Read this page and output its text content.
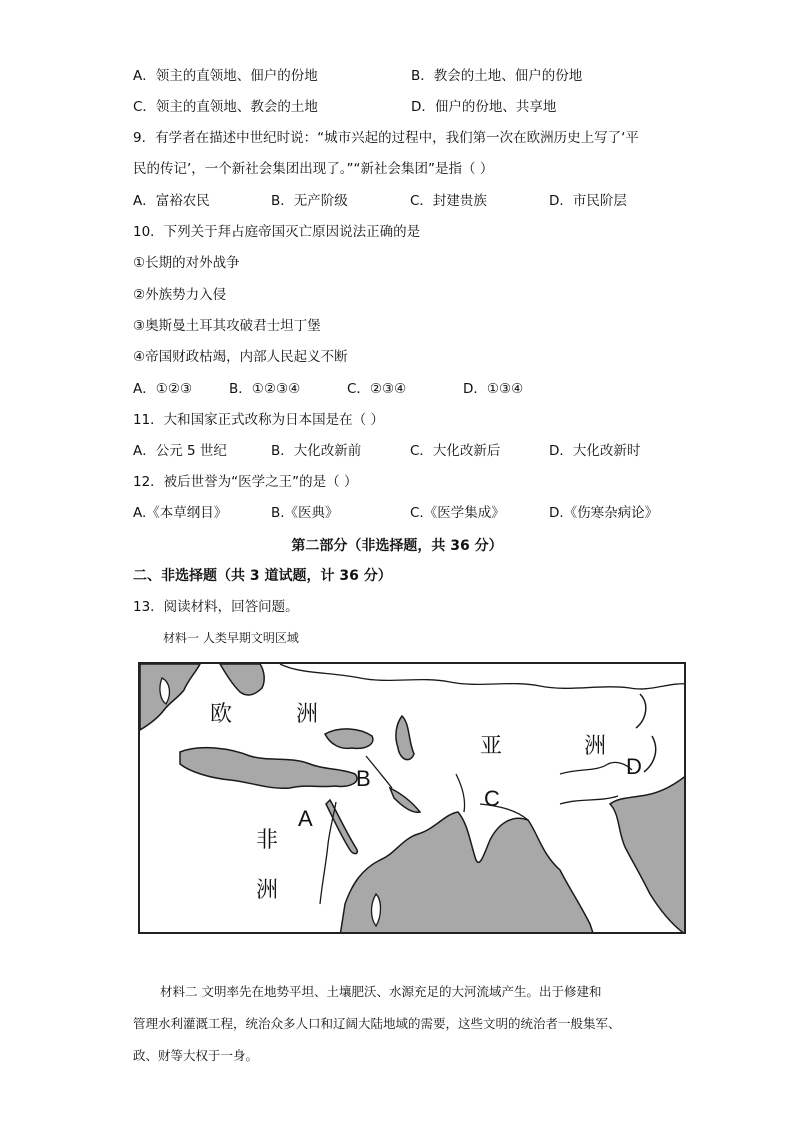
A．领主的直领地、佃户的份地	B．教会的土地、佃户的份地
C．领主的直领地、教会的土地	D．佃户的份地、共享地
9．有学者在描述中世纪时说：“城市兴起的过程中，我们第一次在欧洲历史上写了‘平
民的传记’，一个新社会集团出现了。”“新社会集团”是指（ ）
A．富裕农民	B．无产阶级	C．封建贵族	D．市民阶层
10．下列关于拜占庭帝国灭亡原因说法正确的是
①长期的对外战争
②外族势力入侵
③奥斯曼土耳其攻破君士坦丁堡
④帝国财政枯竭，内部人民起义不断
A．①②③	B．①②③④	C．②③④	D．①③④
11．大和国家正式改称为日本国是在（ ）
A．公元 5 世纪	B．大化改新前	C．大化改新后	D．大化改新时
12．被后世誉为“医学之王”的是（ ）
A.《本草纲目》	B.《医典》	C.《医学集成》	D.《伤寒杂病论》
第二部分（非选择题，共 36 分）
二、非选择题（共 3 道试题，计 36 分）
13．阅读材料，回答问题。
材料一 人类早期文明区域
欧	洲
亚	洲
非
洲
A
B
C
D
材料二 文明率先在地势平坦、土壤肥沃、水源充足的大河流域产生。出于修建和
管理水利灌溉工程，统治众多人口和辽阔大陆地域的需要，这些文明的统治者一般集军、
政、财等大权于一身。
